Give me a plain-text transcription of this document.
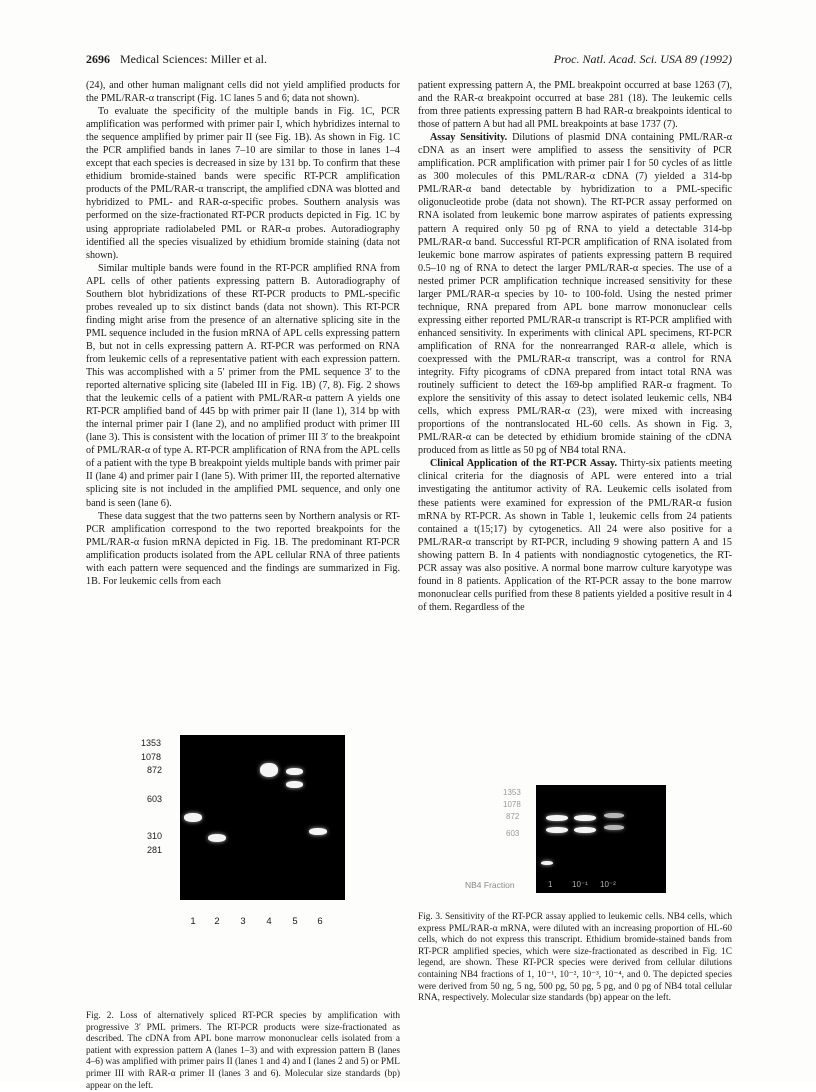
2696 Medical Sciences: Miller et al.	Proc. Natl. Acad. Sci. USA 89 (1992)

(24), and other human malignant cells did not yield amplified products for the PML/RAR-α transcript (Fig. 1C lanes 5 and 6; data not shown).

To evaluate the specificity of the multiple bands in Fig. 1C, PCR amplification was performed with primer pair I, which hybridizes internal to the sequence amplified by primer pair II (see Fig. 1B). As shown in Fig. 1C the PCR amplified bands in lanes 7–10 are similar to those in lanes 1–4 except that each species is decreased in size by 131 bp. To confirm that these ethidium bromide-stained bands were specific RT-PCR amplification products of the PML/RAR-α transcript, the amplified cDNA was blotted and hybridized to PML- and RAR-α-specific probes. Southern analysis was performed on the size-fractionated RT-PCR products depicted in Fig. 1C by using appropriate radiolabeled PML or RAR-α probes. Autoradiography identified all the species visualized by ethidium bromide staining (data not shown).

Similar multiple bands were found in the RT-PCR amplified RNA from APL cells of other patients expressing pattern B. Autoradiography of Southern blot hybridizations of these RT-PCR products to PML-specific probes revealed up to six distinct bands (data not shown). This RT-PCR finding might arise from the presence of an alternative splicing site in the PML sequence included in the fusion mRNA of APL cells expressing pattern B, but not in cells expressing pattern A. RT-PCR was performed on RNA from leukemic cells of a representative patient with each expression pattern. This was accomplished with a 5′ primer from the PML sequence 3′ to the reported alternative splicing site (labeled III in Fig. 1B) (7, 8). Fig. 2 shows that the leukemic cells of a patient with PML/RAR-α pattern A yields one RT-PCR amplified band of 445 bp with primer pair II (lane 1), 314 bp with the internal primer pair I (lane 2), and no amplified product with primer III (lane 3). This is consistent with the location of primer III 3′ to the breakpoint of PML/RAR-α of type A. RT-PCR amplification of RNA from the APL cells of a patient with the type B breakpoint yields multiple bands with primer pair II (lane 4) and primer pair I (lane 5). With primer III, the reported alternative splicing site is not included in the amplified PML sequence, and only one band is seen (lane 6).

These data suggest that the two patterns seen by Northern analysis or RT-PCR amplification correspond to the two reported breakpoints for the PML/RAR-α fusion mRNA depicted in Fig. 1B. The predominant RT-PCR amplification products isolated from the APL cellular RNA of three patients with each pattern were sequenced and the findings are summarized in Fig. 1B. For leukemic cells from each

patient expressing pattern A, the PML breakpoint occurred at base 1263 (7), and the RAR-α breakpoint occurred at base 281 (18). The leukemic cells from three patients expressing pattern B had RAR-α breakpoints identical to those of pattern A but had all PML breakpoints at base 1737 (7).

Assay Sensitivity. Dilutions of plasmid DNA containing PML/RAR-α cDNA as an insert were amplified to assess the sensitivity of PCR amplification. PCR amplification with primer pair I for 50 cycles of as little as 300 molecules of this PML/RAR-α cDNA (7) yielded a 314-bp PML/RAR-α band detectable by hybridization to a PML-specific oligonucleotide probe (data not shown). The RT-PCR assay performed on RNA isolated from leukemic bone marrow aspirates of patients expressing pattern A required only 50 pg of RNA to yield a detectable 314-bp PML/RAR-α band. Successful RT-PCR amplification of RNA isolated from leukemic bone marrow aspirates of patients expressing pattern B required 0.5–10 ng of RNA to detect the larger PML/RAR-α species. The use of a nested primer PCR amplification technique increased sensitivity for these larger PML/RAR-α species by 10- to 100-fold. Using the nested primer technique, RNA prepared from APL bone marrow mononuclear cells expressing either reported PML/RAR-α transcript is RT-PCR amplified with enhanced sensitivity. In experiments with clinical APL specimens, RT-PCR amplification of RNA for the nonrearranged RAR-α allele, which is coexpressed with the PML/RAR-α transcript, was a control for RNA integrity. Fifty picograms of cDNA prepared from intact total RNA was routinely sufficient to detect the 169-bp amplified RAR-α fragment. To explore the sensitivity of this assay to detect isolated leukemic cells, NB4 cells, which express PML/RAR-α (23), were mixed with increasing proportions of the nontranslocated HL-60 cells. As shown in Fig. 3, PML/RAR-α can be detected by ethidium bromide staining of the cDNA produced from as little as 50 pg of NB4 total RNA.

Clinical Application of the RT-PCR Assay. Thirty-six patients meeting clinical criteria for the diagnosis of APL were entered into a trial investigating the antitumor activity of RA. Leukemic cells isolated from these patients were examined for expression of the PML/RAR-α fusion mRNA by RT-PCR. As shown in Table 1, leukemic cells from 24 patients contained a t(15;17) by cytogenetics. All 24 were also positive for a PML/RAR-α transcript by RT-PCR, including 9 showing pattern A and 15 showing pattern B. In 4 patients with nondiagnostic cytogenetics, the RT-PCR assay was also positive. A normal bone marrow culture karyotype was found in 8 patients. Application of the RT-PCR assay to the bone marrow mononuclear cells purified from these 8 patients yielded a positive result in 4 of them. Regardless of the

1353
1078
872
603
310
281
1	2	3	4	5	6
1353
1078
872
603
NB4 Fraction	1 10⁻¹ 10⁻²
Fig. 2. Loss of alternatively spliced RT-PCR species by amplification with progressive 3′ PML primers. The RT-PCR products were size-fractionated as described. The cDNA from APL bone marrow mononuclear cells isolated from a patient with expression pattern A (lanes 1–3) and with expression pattern B (lanes 4–6) was amplified with primer pairs II (lanes 1 and 4) and I (lanes 2 and 5) or PML primer III with RAR-α primer II (lanes 3 and 6). Molecular size standards (bp) appear on the left.
Fig. 3. Sensitivity of the RT-PCR assay applied to leukemic cells. NB4 cells, which express PML/RAR-α mRNA, were diluted with an increasing proportion of HL-60 cells, which do not express this transcript. Ethidium bromide-stained bands from RT-PCR amplified species, which were size-fractionated as described in Fig. 1C legend, are shown. These RT-PCR species were derived from cellular dilutions containing NB4 fractions of 1, 10⁻¹, 10⁻², 10⁻³, 10⁻⁴, and 0. The depicted species were derived from 50 ng, 5 ng, 500 pg, 50 pg, 5 pg, and 0 pg of NB4 total cellular RNA, respectively. Molecular size standards (bp) appear on the left.
